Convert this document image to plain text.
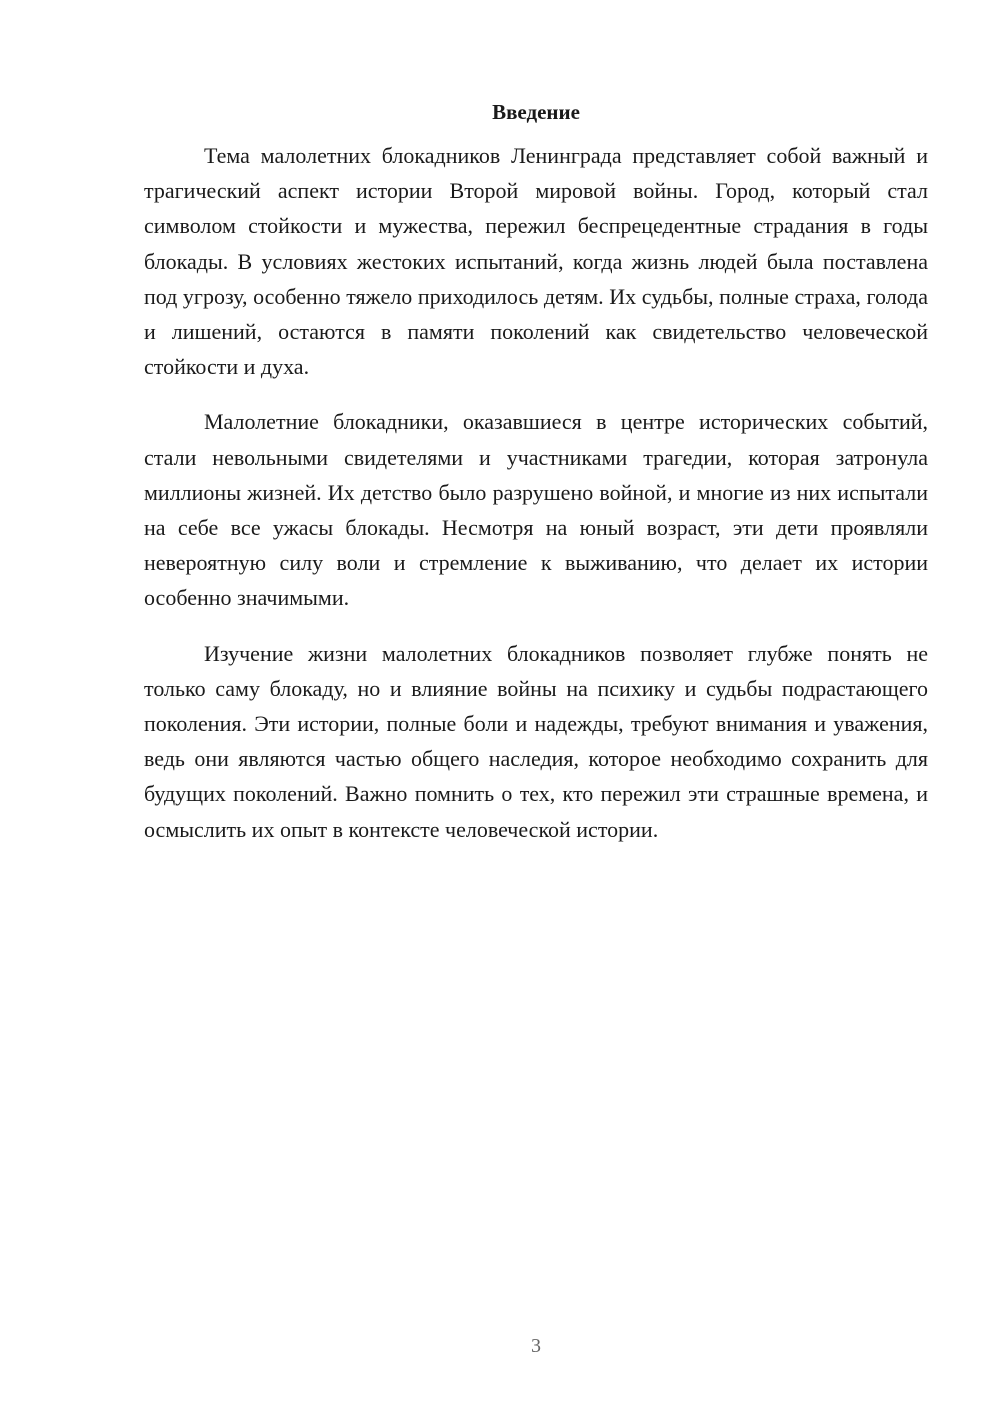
Введение

Тема малолетних блокадников Ленинграда представляет собой важный и трагический аспект истории Второй мировой войны. Город, который стал символом стойкости и мужества, пережил беспрецедентные страдания в годы блокады. В условиях жестоких испытаний, когда жизнь людей была поставлена под угрозу, особенно тяжело приходилось детям. Их судьбы, полные страха, голода и лишений, остаются в памяти поколений как свидетельство человеческой стойкости и духа.

Малолетние блокадники, оказавшиеся в центре исторических событий, стали невольными свидетелями и участниками трагедии, которая затронула миллионы жизней. Их детство было разрушено войной, и многие из них испытали на себе все ужасы блокады. Несмотря на юный возраст, эти дети проявляли невероятную силу воли и стремление к выживанию, что делает их истории особенно значимыми.

Изучение жизни малолетних блокадников позволяет глубже понять не только саму блокаду, но и влияние войны на психику и судьбы подрастающего поколения. Эти истории, полные боли и надежды, требуют внимания и уважения, ведь они являются частью общего наследия, которое необходимо сохранить для будущих поколений. Важно помнить о тех, кто пережил эти страшные времена, и осмыслить их опыт в контексте человеческой истории.

3
